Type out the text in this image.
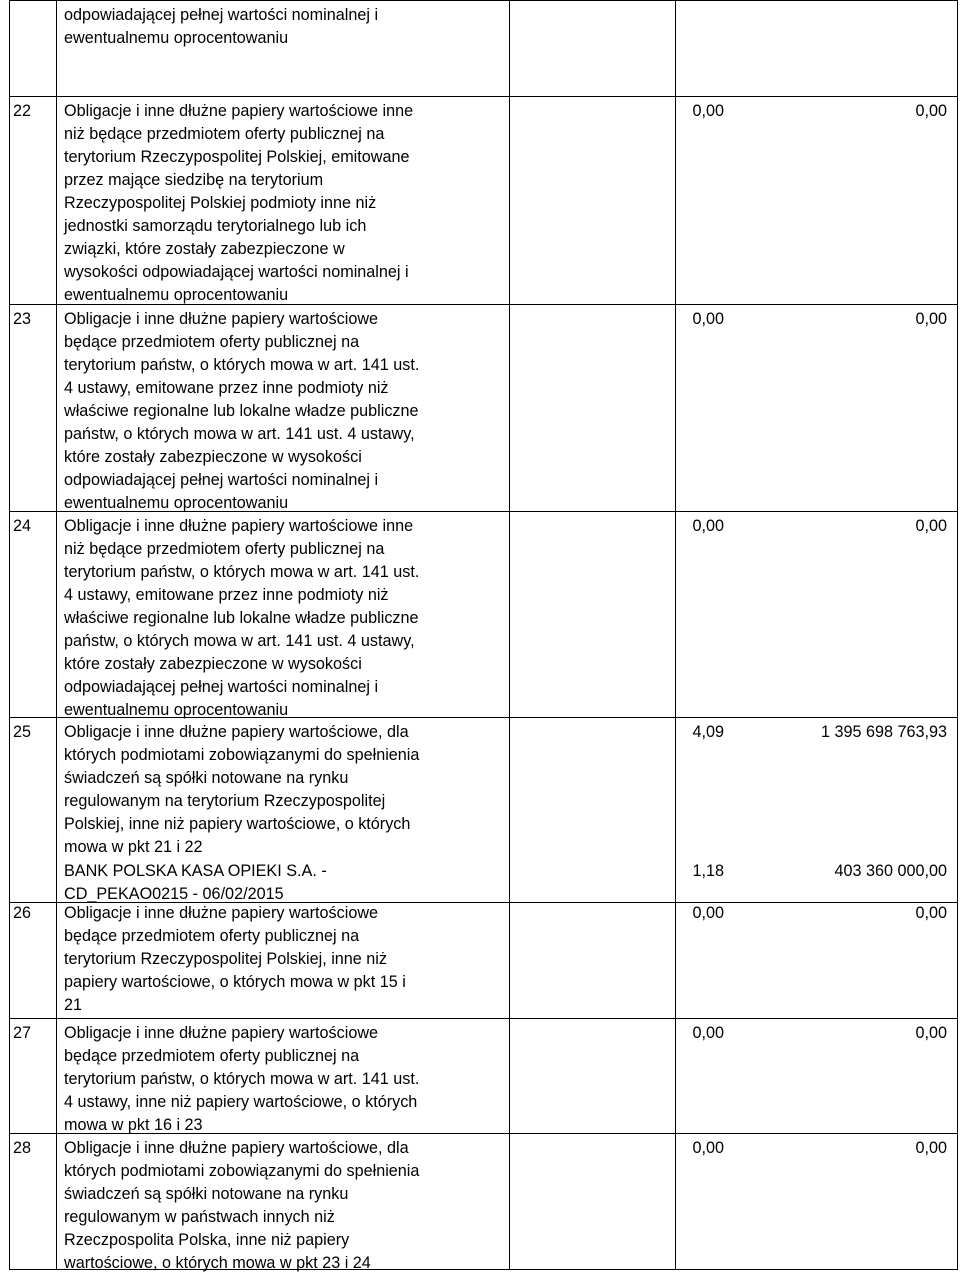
odpowiadającej pełnej wartości nominalnej i
ewentualnemu oprocentowaniu
22 Obligacje i inne dłużne papiery wartościowe inne
niż będące przedmiotem oferty publicznej na
terytorium Rzeczypospolitej Polskiej, emitowane
przez mające siedzibę na terytorium
Rzeczypospolitej Polskiej podmioty inne niż
jednostki samorządu terytorialnego lub ich
związki, które zostały zabezpieczone w
wysokości odpowiadającej wartości nominalnej i
ewentualnemu oprocentowaniu
0,00	0,00
23 Obligacje i inne dłużne papiery wartościowe
będące przedmiotem oferty publicznej na
terytorium państw, o których mowa w art. 141 ust.
4 ustawy, emitowane przez inne podmioty niż
właściwe regionalne lub lokalne władze publiczne
państw, o których mowa w art. 141 ust. 4 ustawy,
które zostały zabezpieczone w wysokości
odpowiadającej pełnej wartości nominalnej i
ewentualnemu oprocentowaniu
0,00	0,00
24 Obligacje i inne dłużne papiery wartościowe inne
niż będące przedmiotem oferty publicznej na
terytorium państw, o których mowa w art. 141 ust.
4 ustawy, emitowane przez inne podmioty niż
właściwe regionalne lub lokalne władze publiczne
państw, o których mowa w art. 141 ust. 4 ustawy,
które zostały zabezpieczone w wysokości
odpowiadającej pełnej wartości nominalnej i
ewentualnemu oprocentowaniu
0,00	0,00
25 Obligacje i inne dłużne papiery wartościowe, dla
których podmiotami zobowiązanymi do spełnienia
świadczeń są spółki notowane na rynku
regulowanym na terytorium Rzeczypospolitej
Polskiej, inne niż papiery wartościowe, o których
mowa w pkt 21 i 22
4,09	1 395 698 763,93
BANK POLSKA KASA OPIEKI S.A. -
CD_PEKAO0215 - 06/02/2015
1,18	403 360 000,00
26 Obligacje i inne dłużne papiery wartościowe
będące przedmiotem oferty publicznej na
terytorium Rzeczypospolitej Polskiej, inne niż
papiery wartościowe, o których mowa w pkt 15 i
21
0,00	0,00
27 Obligacje i inne dłużne papiery wartościowe
będące przedmiotem oferty publicznej na
terytorium państw, o których mowa w art. 141 ust.
4 ustawy, inne niż papiery wartościowe, o których
mowa w pkt 16 i 23
0,00	0,00
28 Obligacje i inne dłużne papiery wartościowe, dla
których podmiotami zobowiązanymi do spełnienia
świadczeń są spółki notowane na rynku
regulowanym w państwach innych niż
Rzeczpospolita Polska, inne niż papiery
wartościowe, o których mowa w pkt 23 i 24
0,00	0,00
